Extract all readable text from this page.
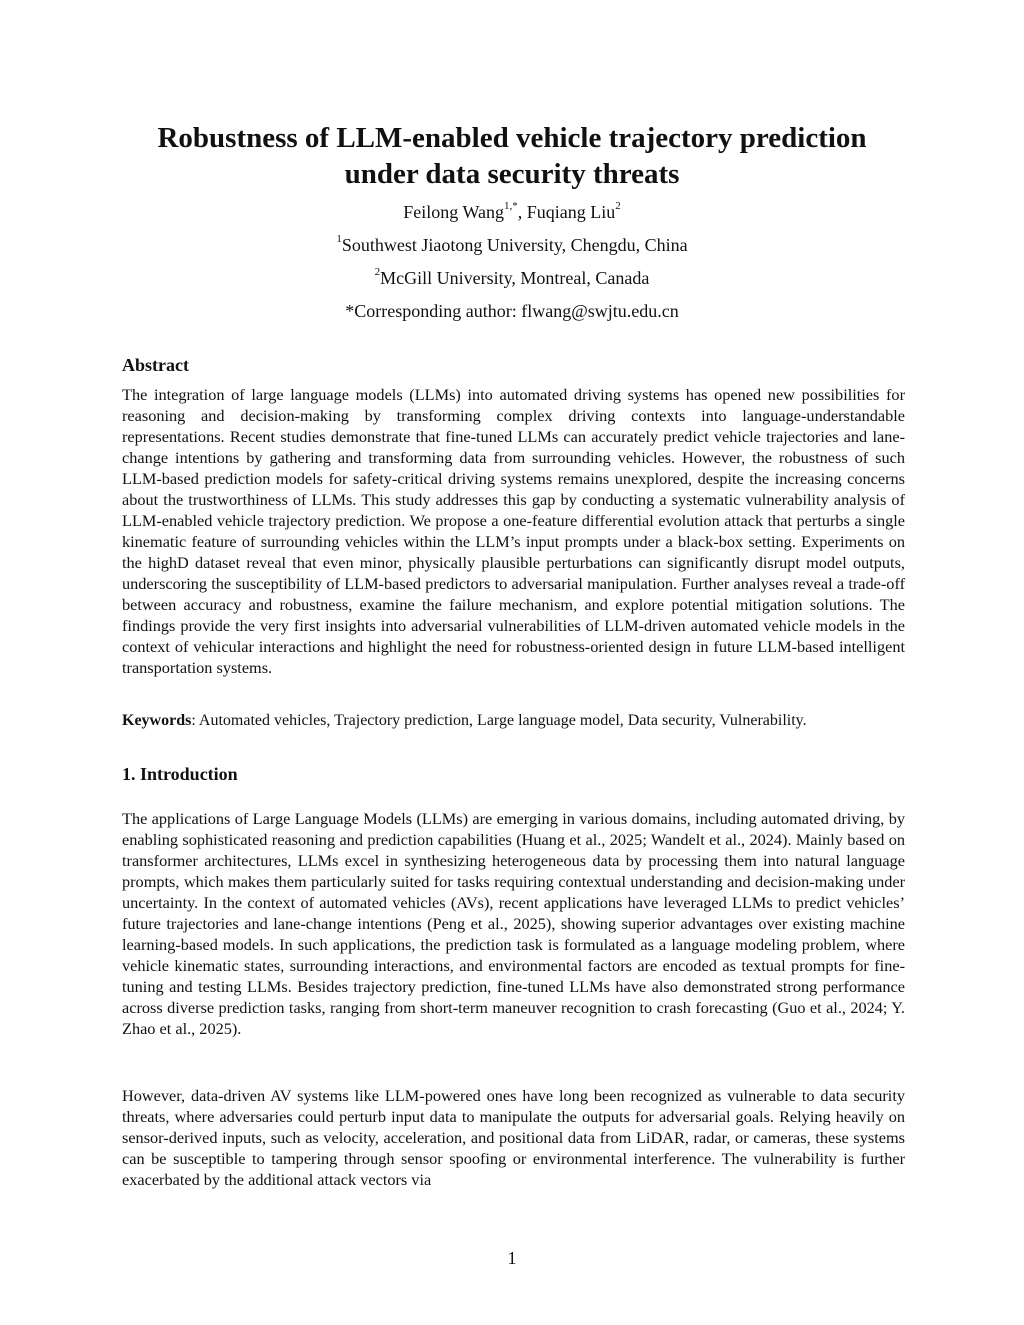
Robustness of LLM-enabled vehicle trajectory prediction
under data security threats

Feilong Wang$^{1,*}$, Fuqiang Liu$^2$

$^1$Southwest Jiaotong University, Chengdu, China

$^2$McGill University, Montreal, Canada

*Corresponding author: flwang@swjtu.edu.cn

Abstract

The integration of large language models (LLMs) into automated driving systems has opened new possibilities for reasoning and decision-making by transforming complex driving contexts into language-understandable representations. Recent studies demonstrate that fine-tuned LLMs can accurately predict vehicle trajectories and lane-change intentions by gathering and transforming data from surrounding vehicles. However, the robustness of such LLM-based prediction models for safety-critical driving systems remains unexplored, despite the increasing concerns about the trustworthiness of LLMs. This study addresses this gap by conducting a systematic vulnerability analysis of LLM-enabled vehicle trajectory prediction. We propose a one-feature differential evolution attack that perturbs a single kinematic feature of surrounding vehicles within the LLM’s input prompts under a black-box setting. Experiments on the highD dataset reveal that even minor, physically plausible perturbations can significantly disrupt model outputs, underscoring the susceptibility of LLM-based predictors to adversarial manipulation. Further analyses reveal a trade-off between accuracy and robustness, examine the failure mechanism, and explore potential mitigation solutions. The findings provide the very first insights into adversarial vulnerabilities of LLM-driven automated vehicle models in the context of vehicular interactions and highlight the need for robustness-oriented design in future LLM-based intelligent transportation systems.

Keywords: Automated vehicles, Trajectory prediction, Large language model, Data security, Vulnerability.

1. Introduction

The applications of Large Language Models (LLMs) are emerging in various domains, including automated driving, by enabling sophisticated reasoning and prediction capabilities (Huang et al., 2025; Wandelt et al., 2024). Mainly based on transformer architectures, LLMs excel in synthesizing heterogeneous data by processing them into natural language prompts, which makes them particularly suited for tasks requiring contextual understanding and decision-making under uncertainty. In the context of automated vehicles (AVs), recent applications have leveraged LLMs to predict vehicles’ future trajectories and lane-change intentions (Peng et al., 2025), showing superior advantages over existing machine learning-based models. In such applications, the prediction task is formulated as a language modeling problem, where vehicle kinematic states, surrounding interactions, and environmental factors are encoded as textual prompts for fine-tuning and testing LLMs. Besides trajectory prediction, fine-tuned LLMs have also demonstrated strong performance across diverse prediction tasks, ranging from short-term maneuver recognition to crash forecasting (Guo et al., 2024; Y. Zhao et al., 2025).

However, data-driven AV systems like LLM-powered ones have long been recognized as vulnerable to data security threats, where adversaries could perturb input data to manipulate the outputs for adversarial goals. Relying heavily on sensor-derived inputs, such as velocity, acceleration, and positional data from LiDAR, radar, or cameras, these systems can be susceptible to tampering through sensor spoofing or environmental interference. The vulnerability is further exacerbated by the additional attack vectors via

1
